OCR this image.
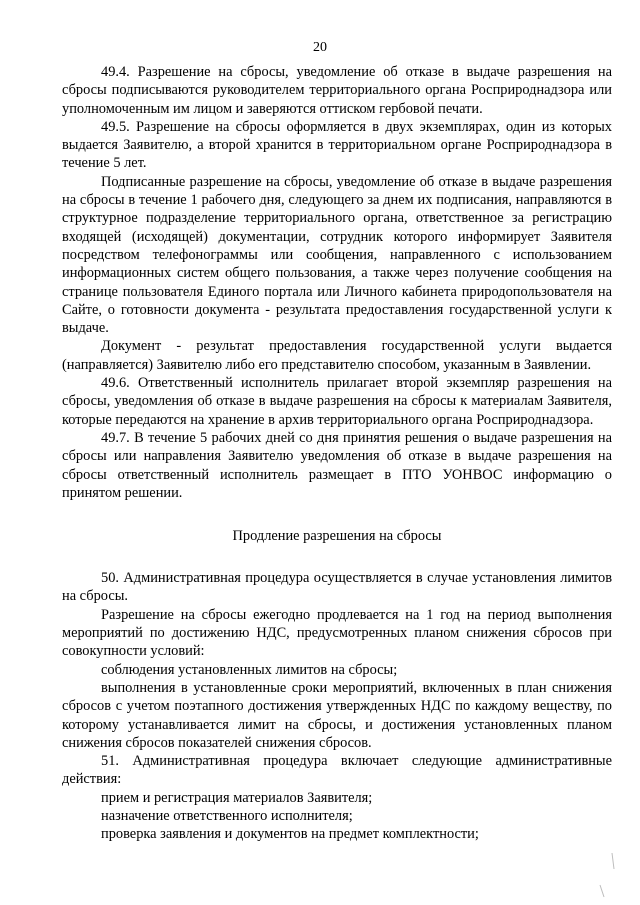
20

49.4. Разрешение на сбросы, уведомление об отказе в выдаче разрешения на сбросы подписываются руководителем территориального органа Росприроднадзора или уполномоченным им лицом и заверяются оттиском гербовой печати.

49.5. Разрешение на сбросы оформляется в двух экземплярах, один из которых выдается Заявителю, а второй хранится в территориальном органе Росприроднадзора в течение 5 лет.

Подписанные разрешение на сбросы, уведомление об отказе в выдаче разрешения на сбросы в течение 1 рабочего дня, следующего за днем их подписания, направляются в структурное подразделение территориального органа, ответственное за регистрацию входящей (исходящей) документации, сотрудник которого информирует Заявителя посредством телефонограммы или сообщения, направленного с использованием информационных систем общего пользования, а также через получение сообщения на странице пользователя Единого портала или Личного кабинета природопользователя на Сайте, о готовности документа - результата предоставления государственной услуги к выдаче.

Документ - результат предоставления государственной услуги выдается (направляется) Заявителю либо его представителю способом, указанным в Заявлении.

49.6. Ответственный исполнитель прилагает второй экземпляр разрешения на сбросы, уведомления об отказе в выдаче разрешения на сбросы к материалам Заявителя, которые передаются на хранение в архив территориального органа Росприроднадзора.

49.7. В течение 5 рабочих дней со дня принятия решения о выдаче разрешения на сбросы или направления Заявителю уведомления об отказе в выдаче разрешения на сбросы ответственный исполнитель размещает в ПТО УОНВОС информацию о принятом решении.

Продление разрешения на сбросы

50. Административная процедура осуществляется в случае установления лимитов на сбросы.

Разрешение на сбросы ежегодно продлевается на 1 год на период выполнения мероприятий по достижению НДС, предусмотренных планом снижения сбросов при совокупности условий:

соблюдения установленных лимитов на сбросы;

выполнения в установленные сроки мероприятий, включенных в план снижения сбросов с учетом поэтапного достижения утвержденных НДС по каждому веществу, по которому устанавливается лимит на сбросы, и достижения установленных планом снижения сбросов показателей снижения сбросов.

51. Административная процедура включает следующие административные действия:

прием и регистрация материалов Заявителя;

назначение ответственного исполнителя;

проверка заявления и документов на предмет комплектности;
